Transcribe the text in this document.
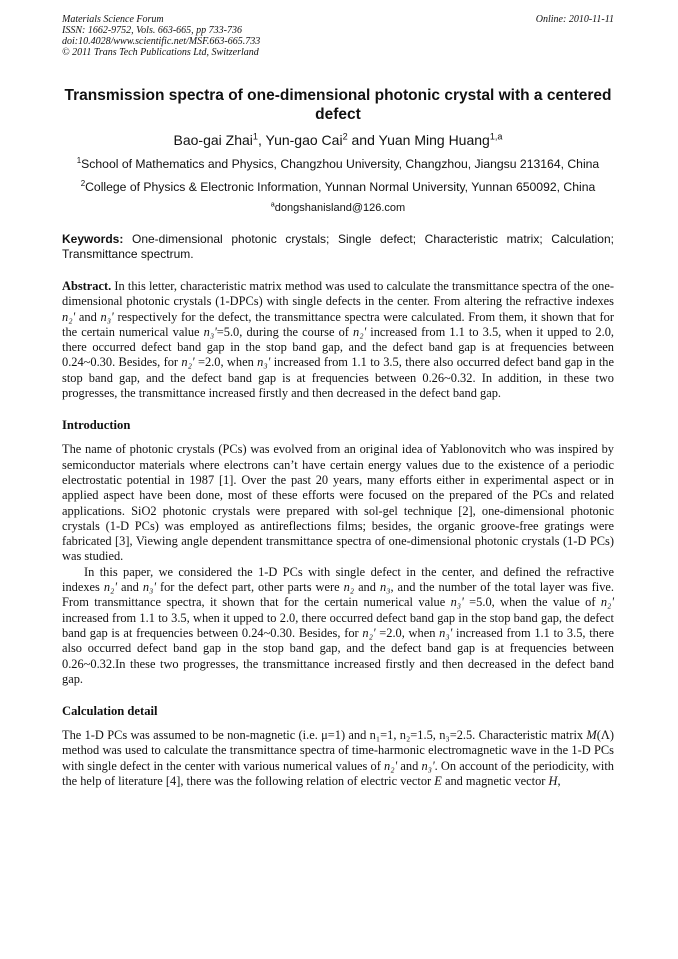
Materials Science Forum
ISSN: 1662-9752, Vols. 663-665, pp 733-736
doi:10.4028/www.scientific.net/MSF.663-665.733
© 2011 Trans Tech Publications Ltd, Switzerland
Online: 2010-11-11
Transmission spectra of one-dimensional photonic crystal with a centered defect
Bao-gai Zhai$^1$, Yun-gao Cai$^2$ and Yuan Ming Huang$^{1,a}$
$^1$School of Mathematics and Physics, Changzhou University, Changzhou, Jiangsu 213164, China
$^2$College of Physics & Electronic Information, Yunnan Normal University, Yunnan 650092, China
$^a$dongshanisland@126.com
Keywords: One-dimensional photonic crystals; Single defect; Characteristic matrix; Calculation; Transmittance spectrum.

Abstract. In this letter, characteristic matrix method was used to calculate the transmittance spectra of the one-dimensional photonic crystals (1-DPCs) with single defects in the center. From altering the refractive indexes n₂' and n₃' respectively for the defect, the transmittance spectra were calculated. From them, it shown that for the certain numerical value n₃'=5.0, during the course of n₂' increased from 1.1 to 3.5, when it upped to 2.0, there occurred defect band gap in the stop band gap, and the defect band gap is at frequencies between 0.24~0.30. Besides, for n₂' =2.0, when n₃' increased from 1.1 to 3.5, there also occurred defect band gap in the stop band gap, and the defect band gap is at frequencies between 0.26~0.32. In addition, in these two progresses, the transmittance increased firstly and then decreased in the defect band gap.

Introduction

The name of photonic crystals (PCs) was evolved from an original idea of Yablonovitch who was inspired by semiconductor materials where electrons can’t have certain energy values due to the existence of a periodic electrostatic potential in 1987 [1]. Over the past 20 years, many efforts either in experimental aspect or in applied aspect have been done, most of these efforts were focused on the prepared of the PCs and related applications. SiO2 photonic crystals were prepared with sol-gel technique [2], one-dimensional photonic crystals (1-D PCs) was employed as antireflections films; besides, the organic groove-free gratings were fabricated [3], Viewing angle dependent transmittance spectra of one-dimensional photonic crystals (1-D PCs) was studied.

In this paper, we considered the 1-D PCs with single defect in the center, and defined the refractive indexes n₂' and n₃' for the defect part, other parts were n₂ and n₃, and the number of the total layer was five. From transmittance spectra, it shown that for the certain numerical value n₃' =5.0, when the value of n₂' increased from 1.1 to 3.5, when it upped to 2.0, there occurred defect band gap in the stop band gap, the defect band gap is at frequencies between 0.24~0.30. Besides, for n₂' =2.0, when n₃' increased from 1.1 to 3.5, there also occurred defect band gap in the stop band gap, and the defect band gap is at frequencies between 0.26~0.32.In these two progresses, the transmittance increased firstly and then decreased in the defect band gap.

Calculation detail

The 1-D PCs was assumed to be non-magnetic (i.e. μ=1) and n₁=1, n₂=1.5, n₃=2.5. Characteristic matrix M(Λ) method was used to calculate the transmittance spectra of time-harmonic electromagnetic wave in the 1-D PCs with single defect in the center with various numerical values of n₂' and n₃'. On account of the periodicity, with the help of literature [4], there was the following relation of electric vector E and magnetic vector H,
